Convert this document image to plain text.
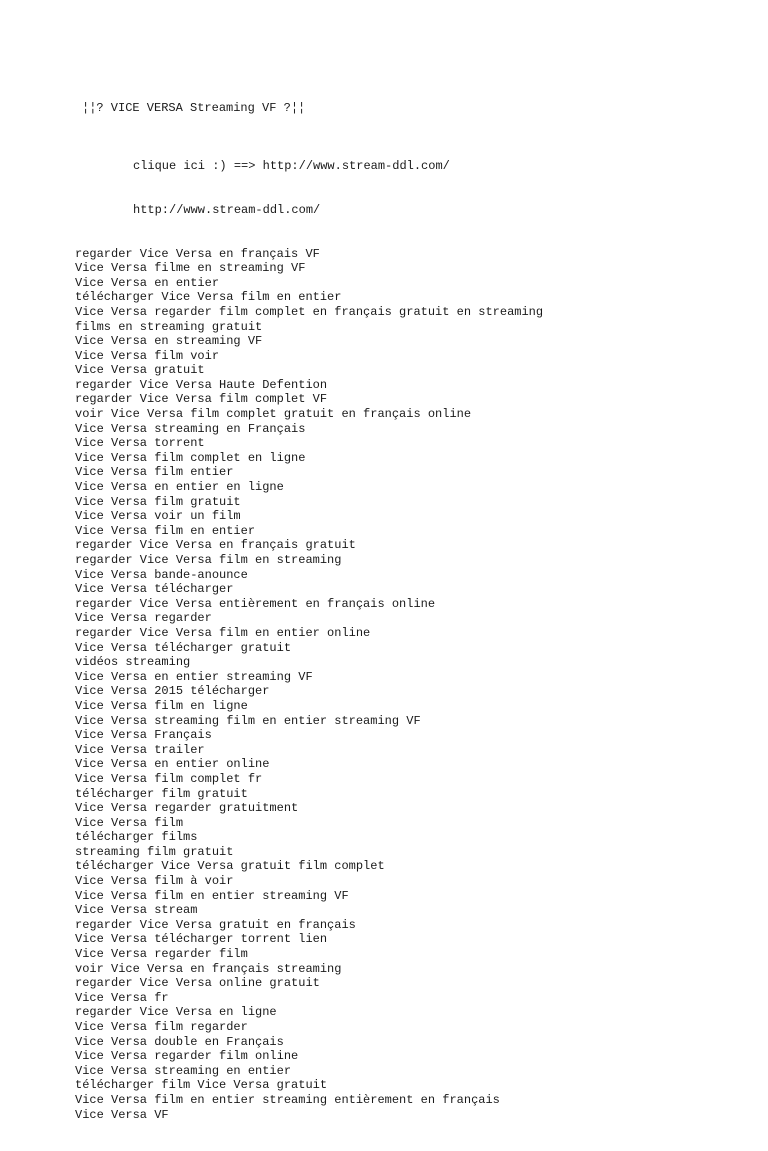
¦¦? VICE VERSA Streaming VF ?¦¦

clique ici :) ==> http://www.stream-ddl.com/

http://www.stream-ddl.com/

regarder Vice Versa en français VF
Vice Versa filme en streaming VF
Vice Versa en entier
télécharger Vice Versa film en entier
Vice Versa regarder film complet en français gratuit en streaming
films en streaming gratuit
Vice Versa en streaming VF
Vice Versa film voir
Vice Versa gratuit
regarder Vice Versa Haute Defention
regarder Vice Versa film complet VF
voir Vice Versa film complet gratuit en français online
Vice Versa streaming en Français
Vice Versa torrent
Vice Versa film complet en ligne
Vice Versa film entier
Vice Versa en entier en ligne
Vice Versa film gratuit
Vice Versa voir un film
Vice Versa film en entier
regarder Vice Versa en français gratuit
regarder Vice Versa film en streaming
Vice Versa bande-anounce
Vice Versa télécharger
regarder Vice Versa entièrement en français online
Vice Versa regarder
regarder Vice Versa film en entier online
Vice Versa télécharger gratuit
vidéos streaming
Vice Versa en entier streaming VF
Vice Versa 2015 télécharger
Vice Versa film en ligne
Vice Versa streaming film en entier streaming VF
Vice Versa Français
Vice Versa trailer
Vice Versa en entier online
Vice Versa film complet fr
télécharger film gratuit
Vice Versa regarder gratuitment
Vice Versa film
télécharger films
streaming film gratuit
télécharger Vice Versa gratuit film complet
Vice Versa film à voir
Vice Versa film en entier streaming VF
Vice Versa stream
regarder Vice Versa gratuit en français
Vice Versa télécharger torrent lien
Vice Versa regarder film
voir Vice Versa en français streaming
regarder Vice Versa online gratuit
Vice Versa fr
regarder Vice Versa en ligne
Vice Versa film regarder
Vice Versa double en Français
Vice Versa regarder film online
Vice Versa streaming en entier
télécharger film Vice Versa gratuit
Vice Versa film en entier streaming entièrement en français
Vice Versa VF
